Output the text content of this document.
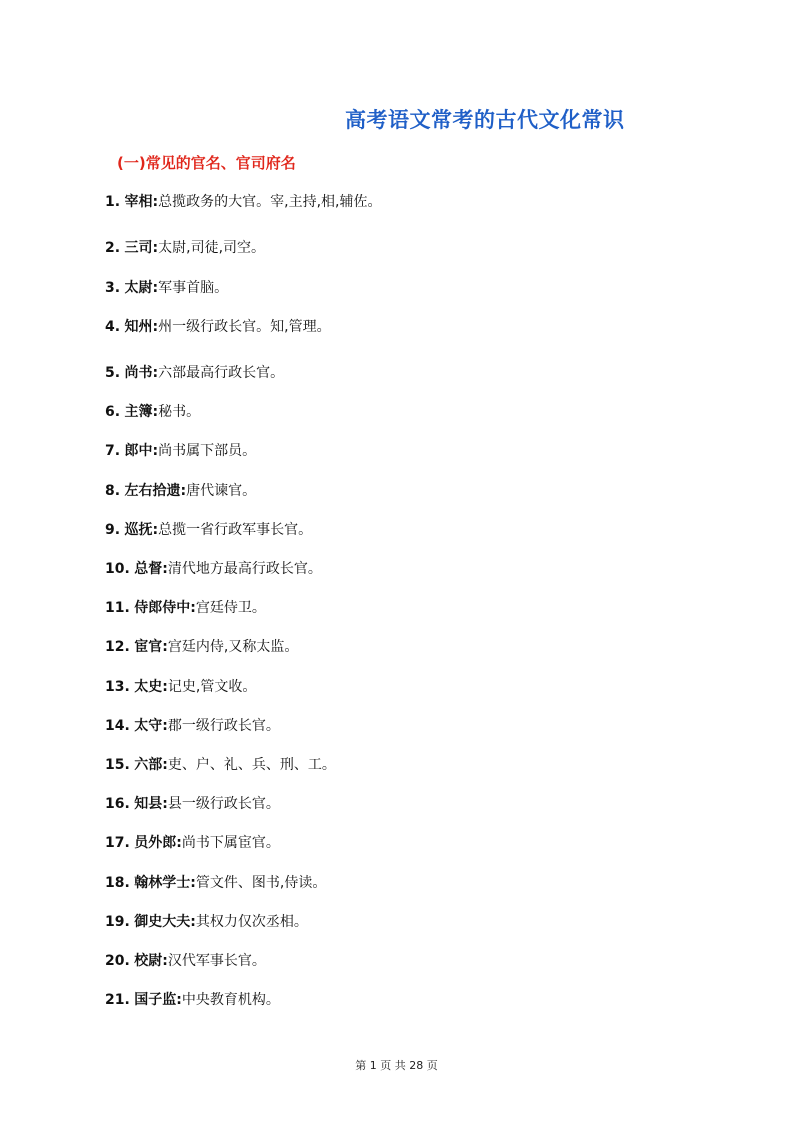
高考语文常考的古代文化常识
(一)常见的官名、官司府名
1. 宰相:总揽政务的大官。宰,主持,相,辅佐。
2. 三司:太尉,司徒,司空。
3. 太尉:军事首脑。
4. 知州:州一级行政长官。知,管理。
5. 尚书:六部最高行政长官。
6. 主簿:秘书。
7. 郎中:尚书属下部员。
8. 左右拾遗:唐代谏官。
9. 巡抚:总揽一省行政军事长官。
10. 总督:清代地方最高行政长官。
11. 侍郎侍中:宫廷侍卫。
12. 宦官:宫廷内侍,又称太监。
13. 太史:记史,管文收。
14. 太守:郡一级行政长官。
15. 六部:吏、户、礼、兵、刑、工。
16. 知县:县一级行政长官。
17. 员外郎:尚书下属宦官。
18. 翰林学士:管文件、图书,侍读。
19. 御史大夫:其权力仅次丞相。
20. 校尉:汉代军事长官。
21. 国子监:中央教育机构。
第 1 页 共 28 页
